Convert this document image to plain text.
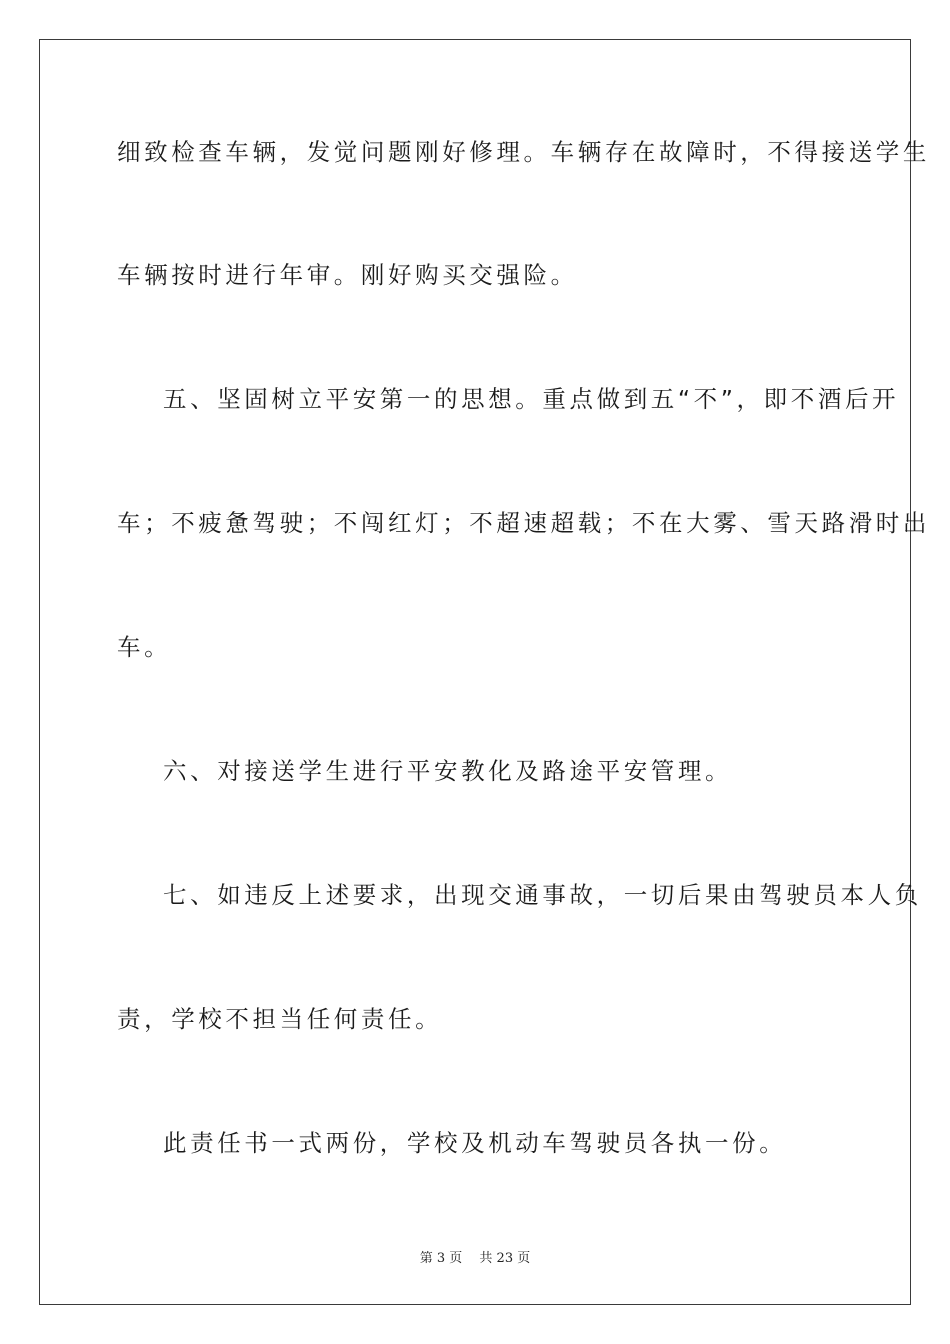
细致检查车辆，发觉问题刚好修理。车辆存在故障时，不得接送学生
车辆按时进行年审。刚好购买交强险。
五、坚固树立平安第一的思想。重点做到五“不”，即不酒后开
车；不疲惫驾驶；不闯红灯；不超速超载；不在大雾、雪天路滑时出
车。
六、对接送学生进行平安教化及路途平安管理。
七、如违反上述要求，出现交通事故，一切后果由驾驶员本人负
责，学校不担当任何责任。
此责任书一式两份，学校及机动车驾驶员各执一份。
第 3 页　 共 23 页
